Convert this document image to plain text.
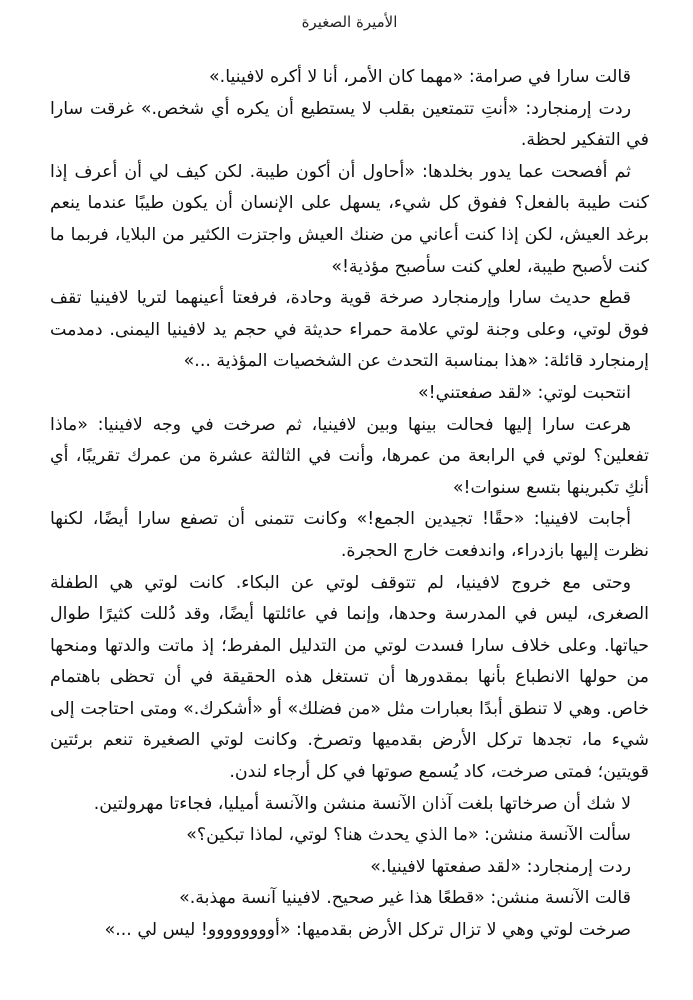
الأميرة الصغيرة

قالت سارا في صرامة: «مهما كان الأمر، أنا لا أكره لافينيا.»

ردت إرمنجارد: «أنتِ تتمتعين بقلب لا يستطيع أن يكره أي شخص.» غرقت سارا في التفكير لحظة.

ثم أفصحت عما يدور بخلدها: «أحاول أن أكون طيبة. لكن كيف لي أن أعرف إذا كنت طيبة بالفعل؟ ففوق كل شيء، يسهل على الإنسان أن يكون طيبًا عندما ينعم برغد العيش، لكن إذا كنت أعاني من ضنك العيش واجتزت الكثير من البلايا، فربما ما كنت لأصبح طيبة، لعلي كنت سأصبح مؤذية!»

قطع حديث سارا وإرمنجارد صرخة قوية وحادة، فرفعتا أعينهما لتريا لافينيا تقف فوق لوتي، وعلى وجنة لوتي علامة حمراء حديثة في حجم يد لافينيا اليمنى. دمدمت إرمنجارد قائلة: «هذا بمناسبة التحدث عن الشخصيات المؤذية ...»

انتحبت لوتي: «لقد صفعتني!»

هرعت سارا إليها فحالت بينها وبين لافينيا، ثم صرخت في وجه لافينيا: «ماذا تفعلين؟ لوتي في الرابعة من عمرها، وأنت في الثالثة عشرة من عمرك تقريبًا، أي أنكِ تكبرينها بتسع سنوات!»

أجابت لافينيا: «حقًا! تجيدين الجمع!» وكانت تتمنى أن تصفع سارا أيضًا، لكنها نظرت إليها بازدراء، واندفعت خارج الحجرة.

وحتى مع خروج لافينيا، لم تتوقف لوتي عن البكاء. كانت لوتي هي الطفلة الصغرى، ليس في المدرسة وحدها، وإنما في عائلتها أيضًا، وقد دُللت كثيرًا طوال حياتها. وعلى خلاف سارا فسدت لوتي من التدليل المفرط؛ إذ ماتت والدتها ومنحها من حولها الانطباع بأنها بمقدورها أن تستغل هذه الحقيقة في أن تحظى باهتمام خاص. وهي لا تنطق أبدًا بعبارات مثل «من فضلك» أو «أشكرك.» ومتى احتاجت إلى شيء ما، تجدها تركل الأرض بقدميها وتصرخ. وكانت لوتي الصغيرة تنعم برئتين قويتين؛ فمتى صرخت، كاد يُسمع صوتها في كل أرجاء لندن.

لا شك أن صرخاتها بلغت آذان الآنسة منشن والآنسة أميليا، فجاءتا مهرولتين.

سألت الآنسة منشن: «ما الذي يحدث هنا؟ لوتي، لماذا تبكين؟»

ردت إرمنجارد: «لقد صفعتها لافينيا.»

قالت الآنسة منشن: «قطعًا هذا غير صحيح. لافينيا آنسة مهذبة.»

صرخت لوتي وهي لا تزال تركل الأرض بقدميها: «أوووووووو! ليس لي ...»
